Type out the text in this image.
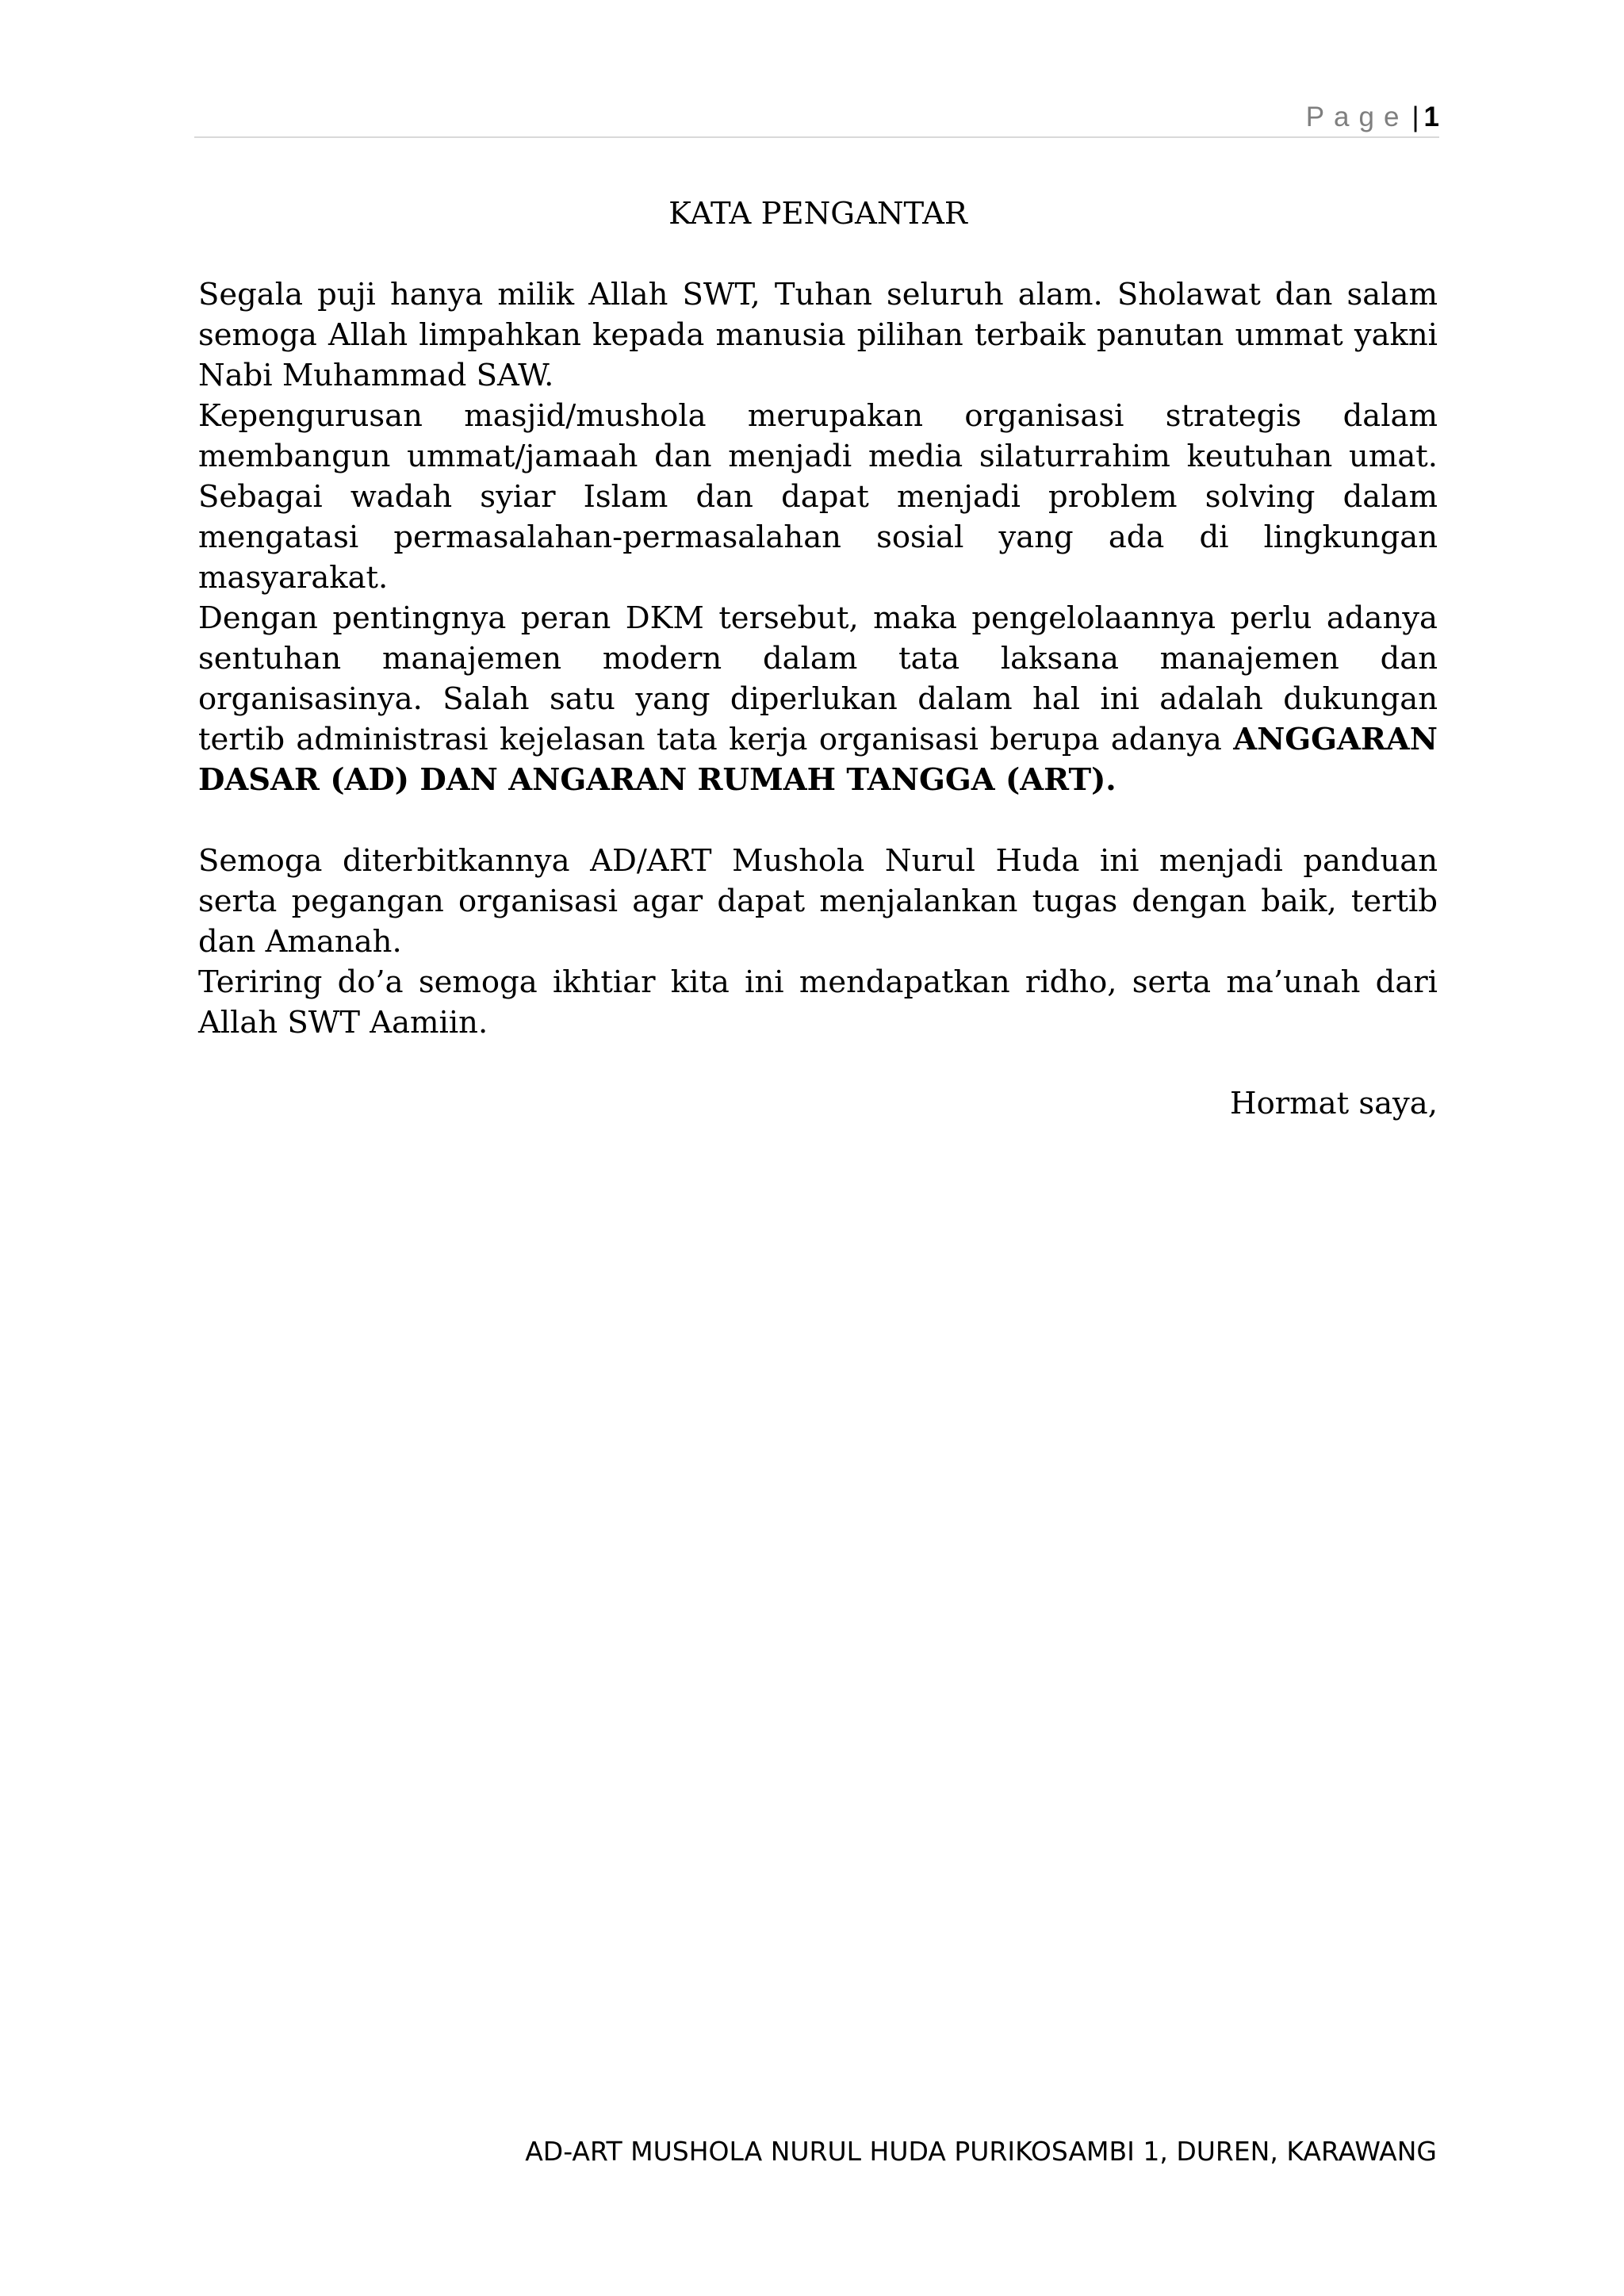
Page | 1
KATA PENGANTAR

Segala puji hanya milik Allah SWT, Tuhan seluruh alam. Sholawat dan salam semoga Allah limpahkan kepada manusia pilihan terbaik panutan ummat yakni Nabi Muhammad SAW.

Kepengurusan masjid/mushola merupakan organisasi strategis dalam membangun ummat/jamaah dan menjadi media silaturrahim keutuhan umat. Sebagai wadah syiar Islam dan dapat menjadi problem solving dalam mengatasi permasalahan-permasalahan sosial yang ada di lingkungan masyarakat.

Dengan pentingnya peran DKM tersebut, maka pengelolaannya perlu adanya sentuhan manajemen modern dalam tata laksana manajemen dan organisasinya. Salah satu yang diperlukan dalam hal ini adalah dukungan tertib administrasi kejelasan tata kerja organisasi berupa adanya ANGGARAN DASAR (AD) DAN ANGARAN RUMAH TANGGA (ART).

Semoga diterbitkannya AD/ART Mushola Nurul Huda ini menjadi panduan serta pegangan organisasi agar dapat menjalankan tugas dengan baik, tertib dan Amanah.

Teriring do’a semoga ikhtiar kita ini mendapatkan ridho, serta ma’unah dari Allah SWT Aamiin.

Hormat saya,

AD-ART MUSHOLA NURUL HUDA PURIKOSAMBI 1, DUREN, KARAWANG
